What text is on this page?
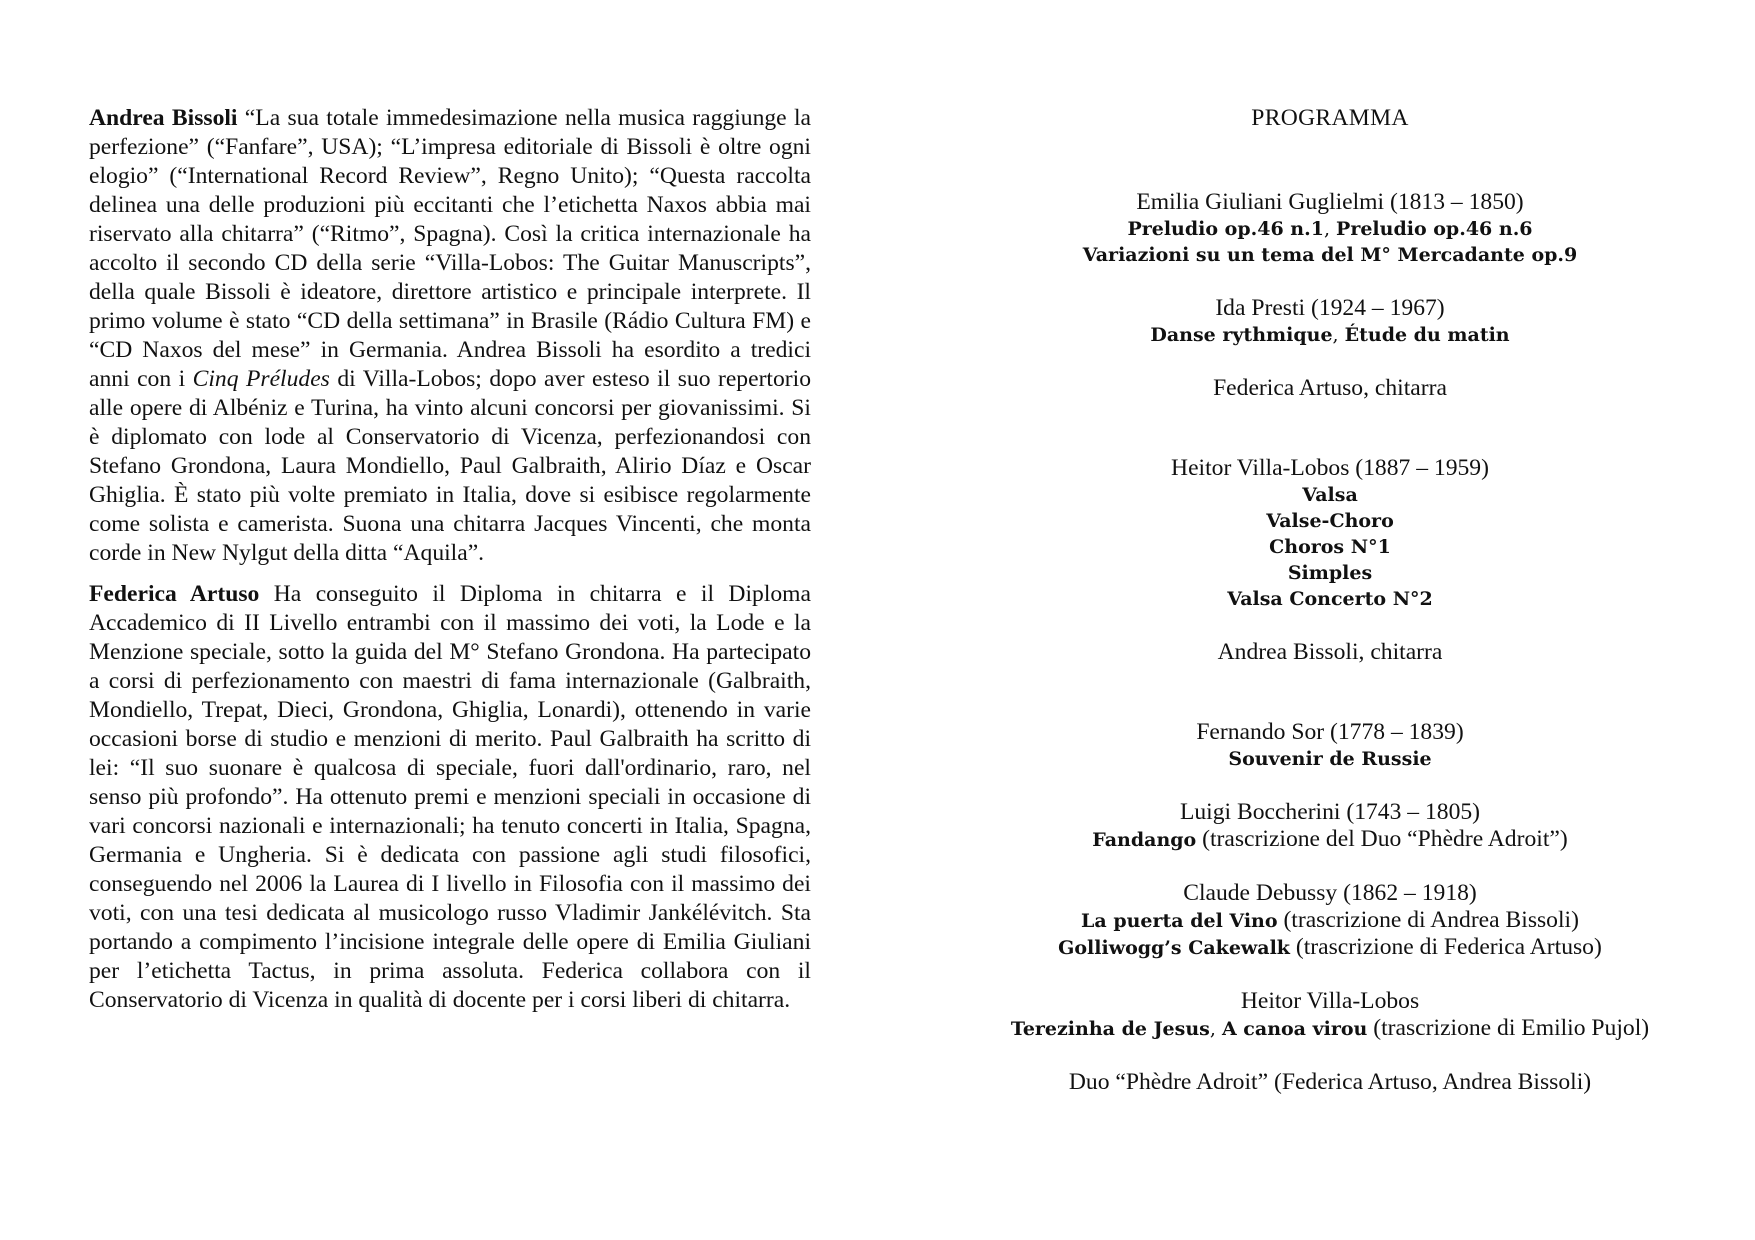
Andrea Bissoli “La sua totale immedesimazione nella musica raggiunge la perfezione” (“Fanfare”, USA); “L’impresa editoriale di Bissoli è oltre ogni elogio” (“International Record Review”, Regno Unito); “Questa raccolta delinea una delle produzioni più eccitanti che l’etichetta Naxos abbia mai riservato alla chitarra” (“Ritmo”, Spagna). Così la critica internazionale ha accolto il secondo CD della serie “Villa-Lobos: The Guitar Manuscripts”, della quale Bissoli è ideatore, direttore artistico e principale interprete. Il primo volume è stato “CD della settimana” in Brasile (Rádio Cultura FM) e “CD Naxos del mese” in Germania. Andrea Bissoli ha esordito a tredici anni con i Cinq Préludes di Villa-Lobos; dopo aver esteso il suo repertorio alle opere di Albéniz e Turina, ha vinto alcuni concorsi per giovanissimi. Si è diplomato con lode al Conservatorio di Vicenza, perfezionandosi con Stefano Grondona, Laura Mondiello, Paul Galbraith, Alirio Díaz e Oscar Ghiglia. È stato più volte premiato in Italia, dove si esibisce regolarmente come solista e camerista. Suona una chitarra Jacques Vincenti, che monta corde in New Nylgut della ditta “Aquila”.

Federica Artuso Ha conseguito il Diploma in chitarra e il Diploma Accademico di II Livello entrambi con il massimo dei voti, la Lode e la Menzione speciale, sotto la guida del M° Stefano Grondona. Ha partecipato a corsi di perfezionamento con maestri di fama internazionale (Galbraith, Mondiello, Trepat, Dieci, Grondona, Ghiglia, Lonardi), ottenendo in varie occasioni borse di studio e menzioni di merito. Paul Galbraith ha scritto di lei: “Il suo suonare è qualcosa di speciale, fuori dall'ordinario, raro, nel senso più profondo”. Ha ottenuto premi e menzioni speciali in occasione di vari concorsi nazionali e internazionali; ha tenuto concerti in Italia, Spagna, Germania e Ungheria. Si è dedicata con passione agli studi filosofici, conseguendo nel 2006 la Laurea di I livello in Filosofia con il massimo dei voti, con una tesi dedicata al musicologo russo Vladimir Jankélévitch. Sta portando a compimento l’incisione integrale delle opere di Emilia Giuliani per l’etichetta Tactus, in prima assoluta. Federica collabora con il Conservatorio di Vicenza in qualità di docente per i corsi liberi di chitarra.

PROGRAMMA
Emilia Giuliani Guglielmi (1813 – 1850)
Preludio op.46 n.1, Preludio op.46 n.6
Variazioni su un tema del M° Mercadante op.9
Ida Presti (1924 – 1967)
Danse rythmique, Étude du matin
Federica Artuso, chitarra
Heitor Villa-Lobos (1887 – 1959)
Valsa
Valse-Choro
Choros N°1
Simples
Valsa Concerto N°2
Andrea Bissoli, chitarra
Fernando Sor (1778 – 1839)
Souvenir de Russie
Luigi Boccherini (1743 – 1805)
Fandango (trascrizione del Duo “Phèdre Adroit”)
Claude Debussy (1862 – 1918)
La puerta del Vino (trascrizione di Andrea Bissoli)
Golliwogg’s Cakewalk (trascrizione di Federica Artuso)
Heitor Villa-Lobos
Terezinha de Jesus, A canoa virou (trascrizione di Emilio Pujol)
Duo “Phèdre Adroit” (Federica Artuso, Andrea Bissoli)
